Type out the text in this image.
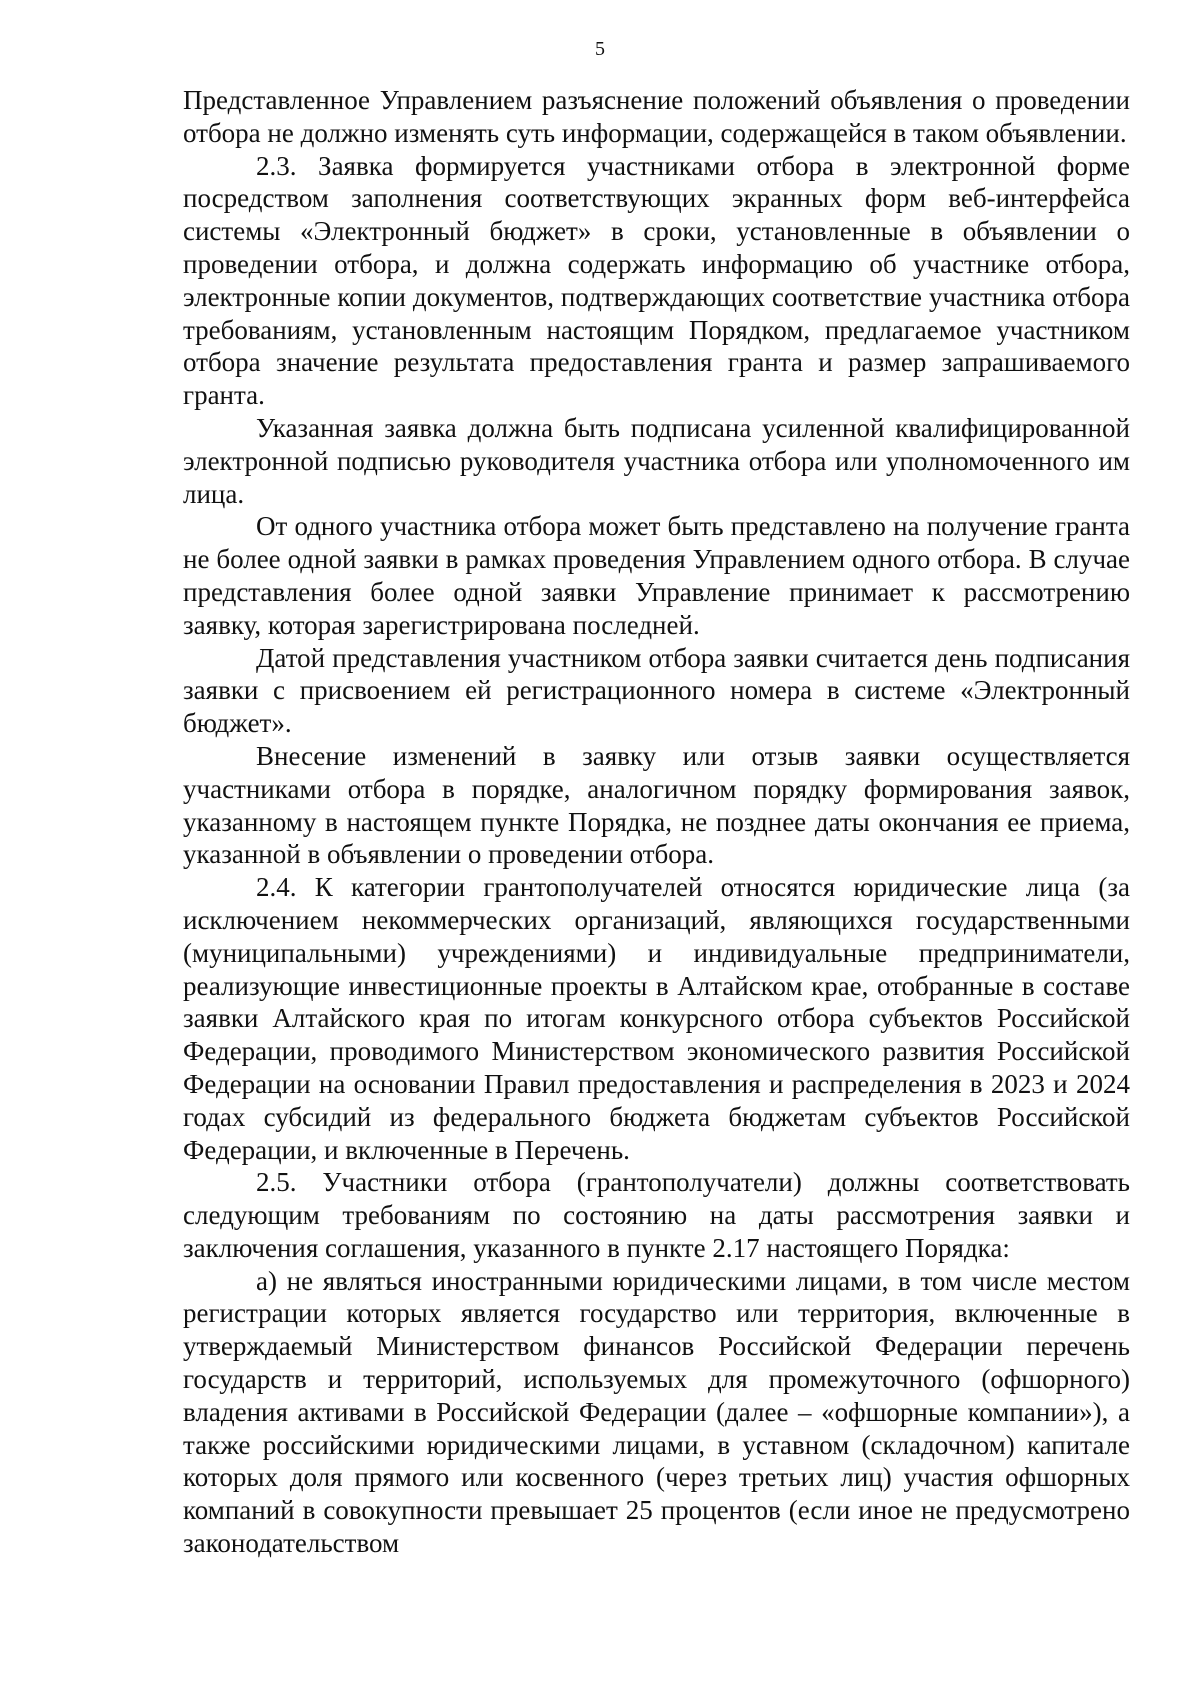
5

Представленное Управлением разъяснение положений объявления о проведении отбора не должно изменять суть информации, содержащейся в таком объявлении.

2.3. Заявка формируется участниками отбора в электронной форме посредством заполнения соответствующих экранных форм веб-интерфейса системы «Электронный бюджет» в сроки, установленные в объявлении о проведении отбора, и должна содержать информацию об участнике отбора, электронные копии документов, подтверждающих соответствие участника отбора требованиям, установленным настоящим Порядком, предлагаемое участником отбора значение результата предоставления гранта и размер запрашиваемого гранта.

Указанная заявка должна быть подписана усиленной квалифицированной электронной подписью руководителя участника отбора или уполномоченного им лица.

От одного участника отбора может быть представлено на получение гранта не более одной заявки в рамках проведения Управлением одного отбора. В случае представления более одной заявки Управление принимает к рассмотрению заявку, которая зарегистрирована последней.

Датой представления участником отбора заявки считается день подписания заявки с присвоением ей регистрационного номера в системе «Электронный бюджет».

Внесение изменений в заявку или отзыв заявки осуществляется участниками отбора в порядке, аналогичном порядку формирования заявок, указанному в настоящем пункте Порядка, не позднее даты окончания ее приема, указанной в объявлении о проведении отбора.

2.4. К категории грантополучателей относятся юридические лица (за исключением некоммерческих организаций, являющихся государственными (муниципальными) учреждениями) и индивидуальные предприниматели, реализующие инвестиционные проекты в Алтайском крае, отобранные в составе заявки Алтайского края по итогам конкурсного отбора субъектов Российской Федерации, проводимого Министерством экономического развития Российской Федерации на основании Правил предоставления и распределения в 2023 и 2024 годах субсидий из федерального бюджета бюджетам субъектов Российской Федерации, и включенные в Перечень.

2.5. Участники отбора (грантополучатели) должны соответствовать следующим требованиям по состоянию на даты рассмотрения заявки и заключения соглашения, указанного в пункте 2.17 настоящего Порядка:

а) не являться иностранными юридическими лицами, в том числе местом регистрации которых является государство или территория, включенные в утверждаемый Министерством финансов Российской Федерации перечень государств и территорий, используемых для промежуточного (офшорного) владения активами в Российской Федерации (далее – «офшорные компании»), а также российскими юридическими лицами, в уставном (складочном) капитале которых доля прямого или косвенного (через третьих лиц) участия офшорных компаний в совокупности превышает 25 процентов (если иное не предусмотрено законодательством
